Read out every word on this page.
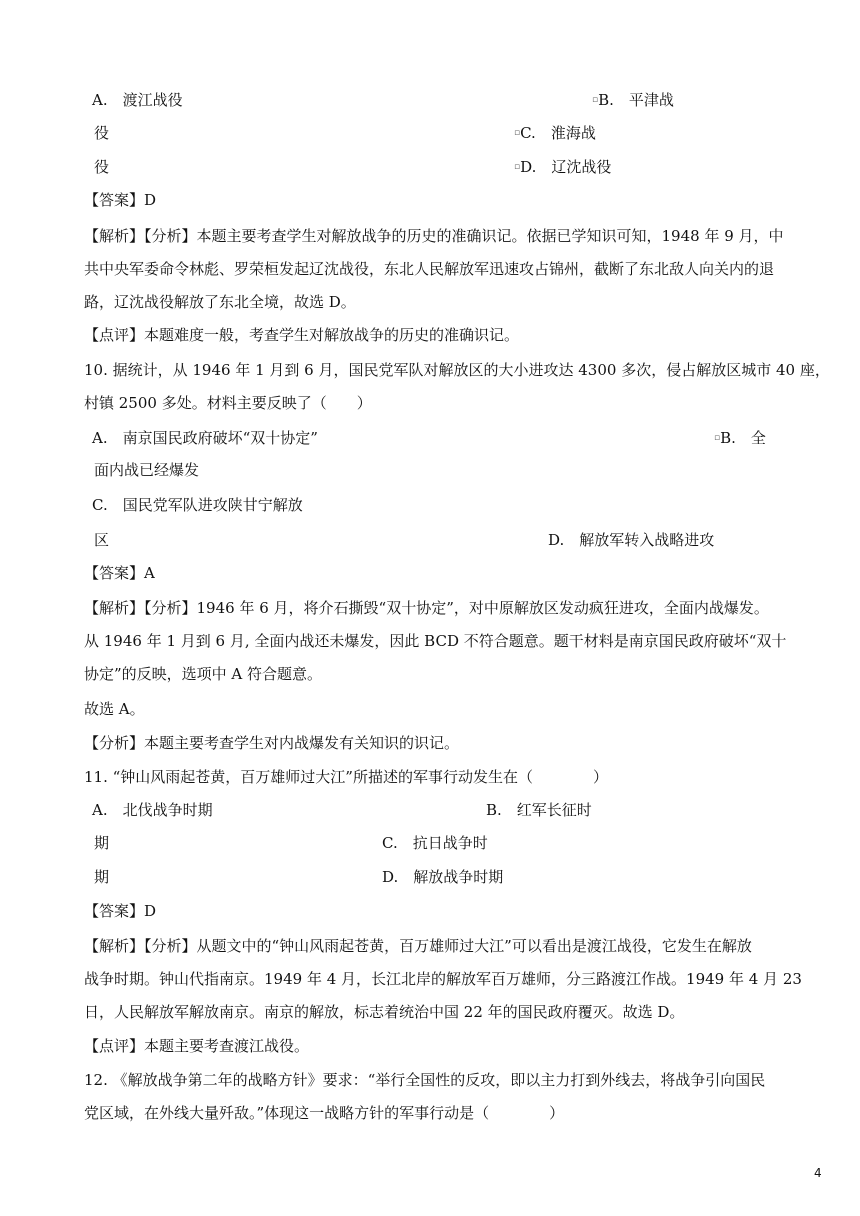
A.　渡江战役	▫B.　平津战
役	▫C.　淮海战
役	▫D.　辽沈战役
【答案】D
【解析】【分析】本题主要考查学生对解放战争的历史的准确识记。依据已学知识可知，1948 年 9 月，中
共中央军委命令林彪、罗荣桓发起辽沈战役，东北人民解放军迅速攻占锦州，截断了东北敌人向关内的退
路，辽沈战役解放了东北全境，故选 D。
【点评】本题难度一般，考查学生对解放战争的历史的准确识记。
10. 据统计，从 1946 年 1 月到 6 月，国民党军队对解放区的大小进攻达 4300 多次，侵占解放区城市 40 座，
村镇 2500 多处。材料主要反映了（　　）
A.　南京国民政府破坏“双十协定”	▫B.　全
面内战已经爆发
C.　国民党军队进攻陕甘宁解放
区	D.　解放军转入战略进攻
【答案】A
【解析】【分析】1946 年 6 月，将介石撕毁“双十协定”，对中原解放区发动疯狂进攻，全面内战爆发。
从 1946 年 1 月到 6 月, 全面内战还未爆发，因此 BCD 不符合题意。题干材料是南京国民政府破坏“双十
协定”的反映，选项中 A 符合题意。
故选 A。
【分析】本题主要考查学生对内战爆发有关知识的识记。
11. “钟山风雨起苍黄，百万雄师过大江”所描述的军事行动发生在（　　　　）
A.　北伐战争时期	B.　红军长征时
期	C.　抗日战争时
期	D.　解放战争时期
【答案】D
【解析】【分析】从题文中的“钟山风雨起苍黄，百万雄师过大江”可以看出是渡江战役，它发生在解放
战争时期。钟山代指南京。1949 年 4 月，长江北岸的解放军百万雄师，分三路渡江作战。1949 年 4 月 23
日，人民解放军解放南京。南京的解放，标志着统治中国 22 年的国民政府覆灭。故选 D。
【点评】本题主要考查渡江战役。
12. 《解放战争第二年的战略方针》要求：“举行全国性的反攻，即以主力打到外线去，将战争引向国民
党区域，在外线大量歼敌。”体现这一战略方针的军事行动是（　　　　）
4
